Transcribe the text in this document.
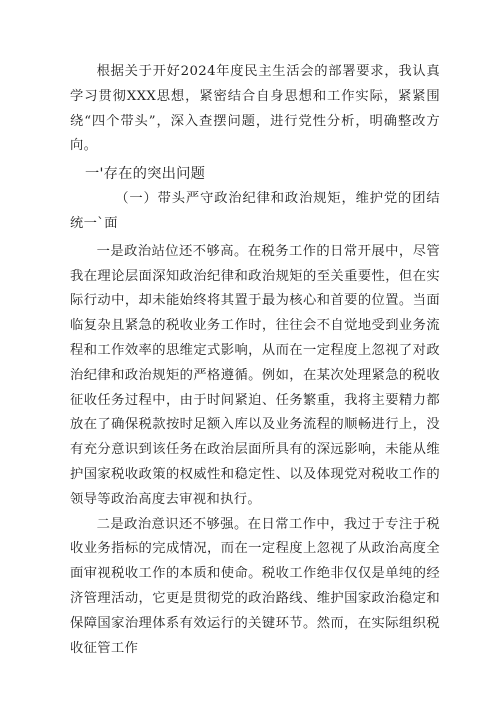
根据关于开好2024年度民主生活会的部署要求，我认真学习贯彻XXX思想，紧密结合自身思想和工作实际，紧紧围绕“四个带头”，深入查摆问题，进行党性分析，明确整改方向。

一'存在的突出问题

（一）带头严守政治纪律和政治规矩，维护党的团结统一`面

一是政治站位还不够高。在税务工作的日常开展中，尽管我在理论层面深知政治纪律和政治规矩的至关重要性，但在实际行动中，却未能始终将其置于最为核心和首要的位置。当面临复杂且紧急的税收业务工作时，往往会不自觉地受到业务流程和工作效率的思维定式影响，从而在一定程度上忽视了对政治纪律和政治规矩的严格遵循。例如，在某次处理紧急的税收征收任务过程中，由于时间紧迫、任务繁重，我将主要精力都放在了确保税款按时足额入库以及业务流程的顺畅进行上，没有充分意识到该任务在政治层面所具有的深远影响，未能从维护国家税收政策的权威性和稳定性、以及体现党对税收工作的领导等政治高度去审视和执行。

二是政治意识还不够强。在日常工作中，我过于专注于税收业务指标的完成情况，而在一定程度上忽视了从政治高度全面审视税收工作的本质和使命。税收工作绝非仅仅是单纯的经济管理活动，它更是贯彻党的政治路线、维护国家政治稳定和保障国家治理体系有效运行的关键环节。然而，在实际组织税收征管工作
